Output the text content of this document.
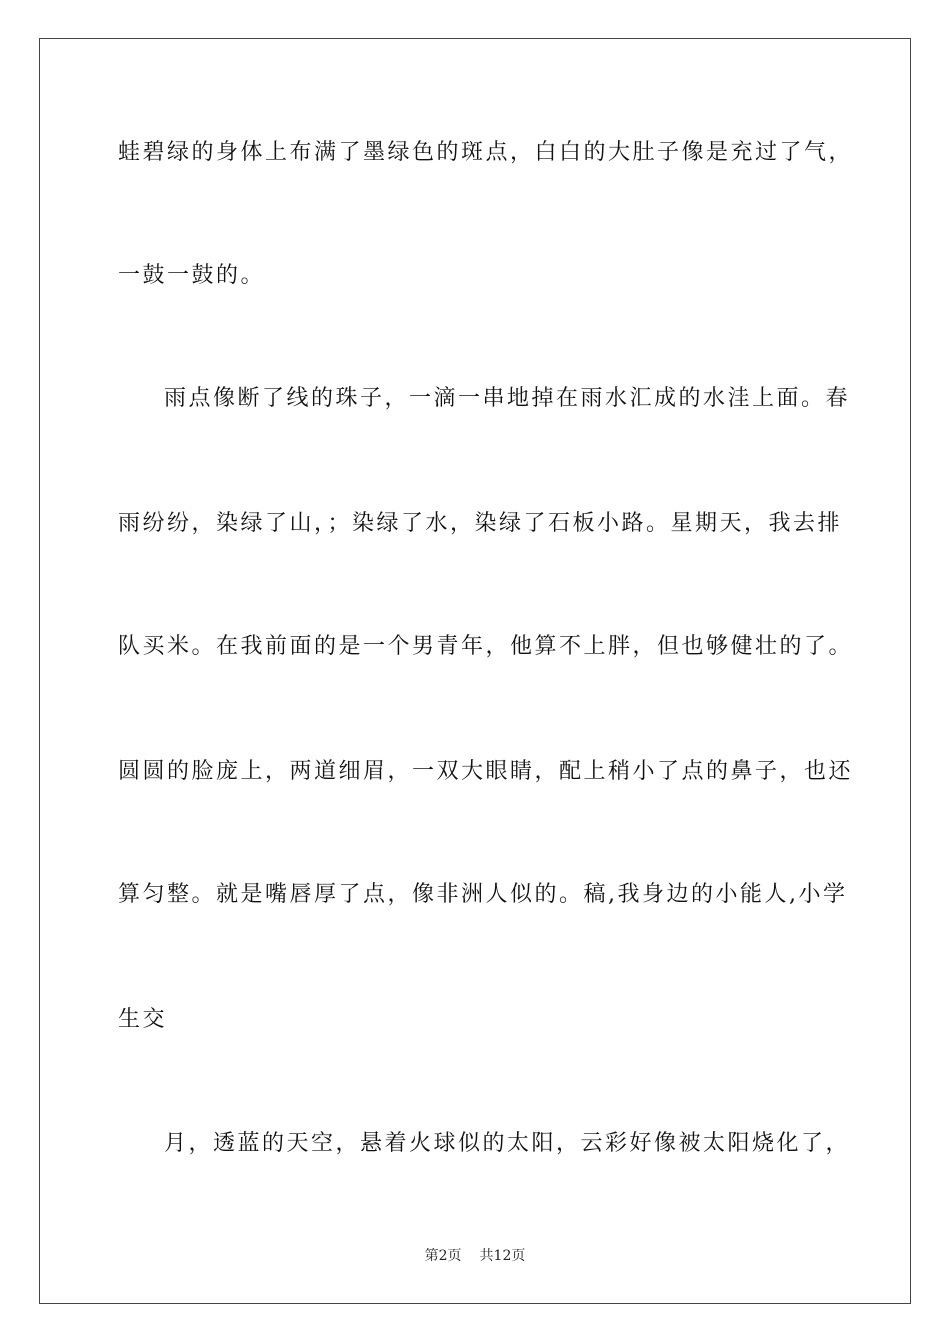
蛙碧绿的身体上布满了墨绿色的斑点，白白的大肚子像是充过了气，
一鼓一鼓的。
雨点像断了线的珠子，一滴一串地掉在雨水汇成的水洼上面。春
雨纷纷，染绿了山，；染绿了水，染绿了石板小路。星期天，我去排
队买米。在我前面的是一个男青年，他算不上胖，但也够健壮的了。
圆圆的脸庞上，两道细眉，一双大眼睛，配上稍小了点的鼻子，也还
算匀整。就是嘴唇厚了点，像非洲人似的。稿,我身边的小能人,小学
生交
月，透蓝的天空，悬着火球似的太阳，云彩好像被太阳烧化了，
第2页 共12页
